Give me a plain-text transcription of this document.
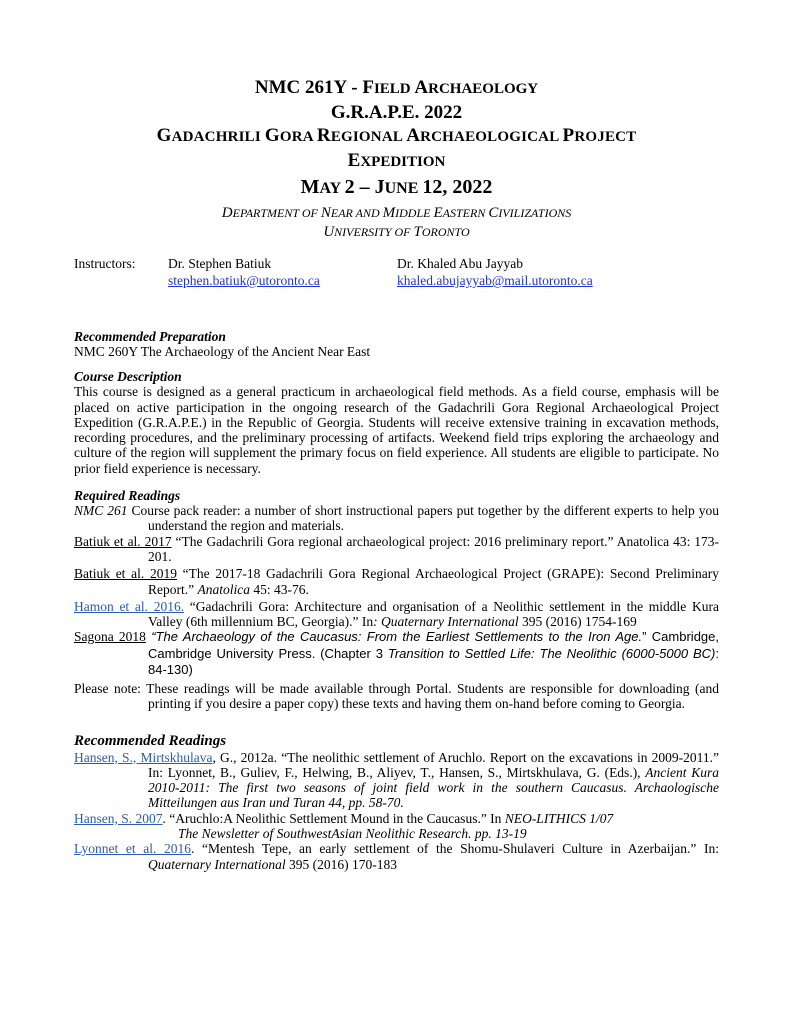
NMC 261Y - FIELD ARCHAEOLOGY
G.R.A.P.E. 2022
GADACHRILI GORA REGIONAL ARCHAEOLOGICAL PROJECT
EXPEDITION
MAY 2 – JUNE 12, 2022
DEPARTMENT OF NEAR AND MIDDLE EASTERN CIVILIZATIONS
UNIVERSITY OF TORONTO
Instructors: Dr. Stephen Batiuk
stephen.batiuk@utoronto.ca
Dr. Khaled Abu Jayyab
khaled.abujayyab@mail.utoronto.ca
Recommended Preparation
NMC 260Y The Archaeology of the Ancient Near East
Course Description
This course is designed as a general practicum in archaeological field methods. As a field course, emphasis will be placed on active participation in the ongoing research of the Gadachrili Gora Regional Archaeological Project Expedition (G.R.A.P.E.) in the Republic of Georgia. Students will receive extensive training in excavation methods, recording procedures, and the preliminary processing of artifacts. Weekend field trips exploring the archaeology and culture of the region will supplement the primary focus on field experience. All students are eligible to participate. No prior field experience is necessary.
Required Readings
NMC 261 Course pack reader: a number of short instructional papers put together by the different experts to help you understand the region and materials.
Batiuk et al. 2017 “The Gadachrili Gora regional archaeological project: 2016 preliminary report.” Anatolica 43: 173-201.
Batiuk et al. 2019 “The 2017-18 Gadachrili Gora Regional Archaeological Project (GRAPE): Second Preliminary Report.” Anatolica 45: 43-76.
Hamon et al. 2016. “Gadachrili Gora: Architecture and organisation of a Neolithic settlement in the middle Kura Valley (6th millennium BC, Georgia).” In: Quaternary International 395 (2016) 1754-169
Sagona 2018 “The Archaeology of the Caucasus: From the Earliest Settlements to the Iron Age.” Cambridge, Cambridge University Press. (Chapter 3 Transition to Settled Life: The Neolithic (6000-5000 BC): 84-130)
Please note: These readings will be made available through Portal. Students are responsible for downloading (and printing if you desire a paper copy) these texts and having them on-hand before coming to Georgia.
Recommended Readings
Hansen, S., Mirtskhulava, G., 2012a. “The neolithic settlement of Aruchlo. Report on the excavations in 2009-2011.” In: Lyonnet, B., Guliev, F., Helwing, B., Aliyev, T., Hansen, S., Mirtskhulava, G. (Eds.), Ancient Kura 2010-2011: The first two seasons of joint field work in the southern Caucasus. Archaologische Mitteilungen aus Iran und Turan 44, pp. 58-70.
Hansen, S. 2007. “Aruchlo:A Neolithic Settlement Mound in the Caucasus.” In NEO-LITHICS 1/07
The Newsletter of SouthwestAsian Neolithic Research. pp. 13-19
Lyonnet et al. 2016. “Mentesh Tepe, an early settlement of the Shomu-Shulaveri Culture in Azerbaijan.” In: Quaternary International 395 (2016) 170-183
